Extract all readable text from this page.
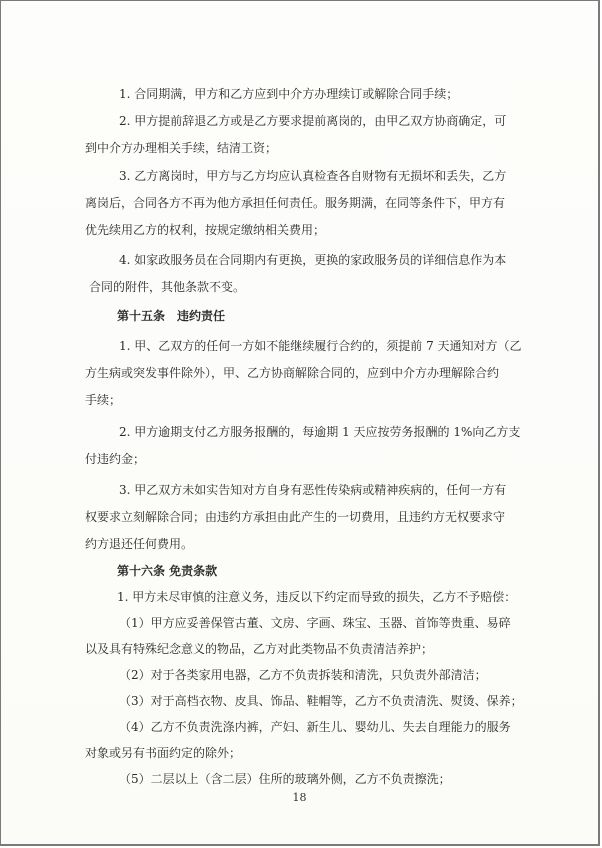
1. 合同期满，甲方和乙方应到中介方办理续订或解除合同手续；

2. 甲方提前辞退乙方或是乙方要求提前离岗的，由甲乙双方协商确定，可

到中介方办理相关手续，结清工资；

3. 乙方离岗时，甲方与乙方均应认真检查各自财物有无损坏和丢失，乙方

离岗后，合同各方不再为他方承担任何责任。服务期满，在同等条件下，甲方有

优先续用乙方的权利，按规定缴纳相关费用；

4. 如家政服务员在合同期内有更换，更换的家政服务员的详细信息作为本

合同的附件，其他条款不变。

第十五条　违约责任

1. 甲、乙双方的任何一方如不能继续履行合约的，须提前 7 天通知对方（乙

方生病或突发事件除外），甲、乙方协商解除合同的，应到中介方办理解除合约

手续；

2. 甲方逾期支付乙方服务报酬的，每逾期 1 天应按劳务报酬的 1%向乙方支

付违约金；

3. 甲乙双方未如实告知对方自身有恶性传染病或精神疾病的，任何一方有

权要求立刻解除合同；由违约方承担由此产生的一切费用，且违约方无权要求守

约方退还任何费用。

第十六条 免责条款

1. 甲方未尽审慎的注意义务，违反以下约定而导致的损失，乙方不予赔偿：

（1）甲方应妥善保管古董、文房、字画、珠宝、玉器、首饰等贵重、易碎

以及具有特殊纪念意义的物品，乙方对此类物品不负责清洁养护；

（2）对于各类家用电器，乙方不负责拆装和清洗，只负责外部清洁；

（3）对于高档衣物、皮具、饰品、鞋帽等，乙方不负责清洗、熨烫、保养；

（4）乙方不负责洗涤内裤，产妇、新生儿、婴幼儿、失去自理能力的服务

对象或另有书面约定的除外；

（5）二层以上（含二层）住所的玻璃外侧，乙方不负责擦洗；

18
